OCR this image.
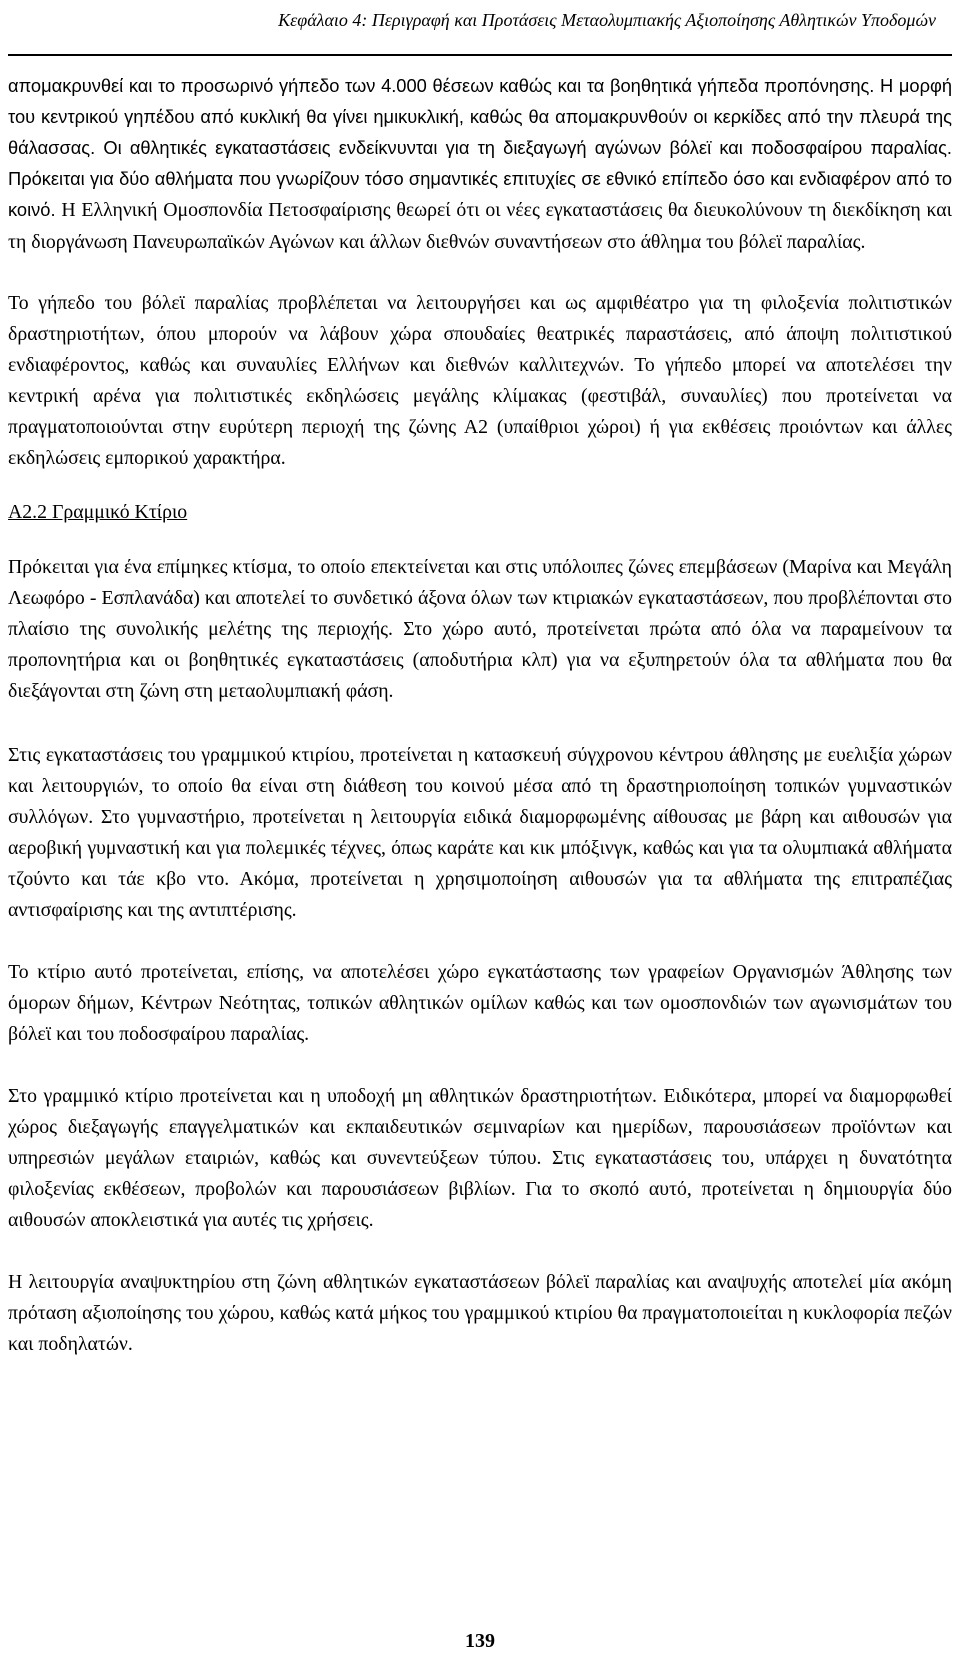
Κεφάλαιο 4: Περιγραφή και Προτάσεις Μεταολυμπιακής Αξιοποίησης Αθλητικών Υποδομών

απομακρυνθεί και το προσωρινό γήπεδο των 4.000 θέσεων καθώς και τα βοηθητικά γήπεδα προπόνησης. Η μορφή του κεντρικού γηπέδου από κυκλική θα γίνει ημικυκλική, καθώς θα απομακρυνθούν οι κερκίδες από την πλευρά της θάλασσας. Οι αθλητικές εγκαταστάσεις ενδείκνυνται για τη διεξαγωγή αγώνων βόλεϊ και ποδοσφαίρου παραλίας. Πρόκειται για δύο αθλήματα που γνωρίζουν τόσο σημαντικές επιτυχίες σε εθνικό επίπεδο όσο και ενδιαφέρον από το κοινό. Η Ελληνική Ομοσπονδία Πετοσφαίρισης θεωρεί ότι οι νέες εγκαταστάσεις θα διευκολύνουν τη διεκδίκηση και τη διοργάνωση Πανευρωπαϊκών Αγώνων και άλλων διεθνών συναντήσεων στο άθλημα του βόλεϊ παραλίας.

Το γήπεδο του βόλεϊ παραλίας προβλέπεται να λειτουργήσει και ως αμφιθέατρο για τη φιλοξενία πολιτιστικών δραστηριοτήτων, όπου μπορούν να λάβουν χώρα σπουδαίες θεατρικές παραστάσεις, από άποψη πολιτιστικού ενδιαφέροντος, καθώς και συναυλίες Ελλήνων και διεθνών καλλιτεχνών. Το γήπεδο μπορεί να αποτελέσει την κεντρική αρένα για πολιτιστικές εκδηλώσεις μεγάλης κλίμακας (φεστιβάλ, συναυλίες) που προτείνεται να πραγματοποιούνται στην ευρύτερη περιοχή της ζώνης Α2 (υπαίθριοι χώροι) ή για εκθέσεις προιόντων και άλλες εκδηλώσεις εμπορικού χαρακτήρα.

Α2.2 Γραμμικό Κτίριο

Πρόκειται για ένα επίμηκες κτίσμα, το οποίο επεκτείνεται και στις υπόλοιπες ζώνες επεμβάσεων (Μαρίνα και Μεγάλη Λεωφόρο - Εσπλανάδα) και αποτελεί το συνδετικό άξονα όλων των κτιριακών εγκαταστάσεων, που προβλέπονται στο πλαίσιο της συνολικής μελέτης της περιοχής. Στο χώρο αυτό, προτείνεται πρώτα από όλα να παραμείνουν τα προπονητήρια και οι βοηθητικές εγκαταστάσεις (αποδυτήρια κλπ) για να εξυπηρετούν όλα τα αθλήματα που θα διεξάγονται στη ζώνη στη μεταολυμπιακή φάση.

Στις εγκαταστάσεις του γραμμικού κτιρίου, προτείνεται η κατασκευή σύγχρονου κέντρου άθλησης με ευελιξία χώρων και λειτουργιών, το οποίο θα είναι στη διάθεση του κοινού μέσα από τη δραστηριοποίηση τοπικών γυμναστικών συλλόγων. Στο γυμναστήριο, προτείνεται η λειτουργία ειδικά διαμορφωμένης αίθουσας με βάρη και αιθουσών για αεροβική γυμναστική και για πολεμικές τέχνες, όπως καράτε και κικ μπόξινγκ, καθώς και για τα ολυμπιακά αθλήματα τζούντο και τάε κβο ντο. Ακόμα, προτείνεται η χρησιμοποίηση αιθουσών για τα αθλήματα της επιτραπέζιας αντισφαίρισης και της αντιπτέρισης.

Το κτίριο αυτό προτείνεται, επίσης, να αποτελέσει χώρο εγκατάστασης των γραφείων Οργανισμών Άθλησης των όμορων δήμων, Κέντρων Νεότητας, τοπικών αθλητικών ομίλων καθώς και των ομοσπονδιών των αγωνισμάτων του βόλεϊ και του ποδοσφαίρου παραλίας.

Στο γραμμικό κτίριο προτείνεται και η υποδοχή μη αθλητικών δραστηριοτήτων. Ειδικότερα, μπορεί να διαμορφωθεί χώρος διεξαγωγής επαγγελματικών και εκπαιδευτικών σεμιναρίων και ημερίδων, παρουσιάσεων προϊόντων και υπηρεσιών μεγάλων εταιριών, καθώς και συνεντεύξεων τύπου. Στις εγκαταστάσεις του, υπάρχει η δυνατότητα φιλοξενίας εκθέσεων, προβολών και παρουσιάσεων βιβλίων. Για το σκοπό αυτό, προτείνεται η δημιουργία δύο αιθουσών αποκλειστικά για αυτές τις χρήσεις.

Η λειτουργία αναψυκτηρίου στη ζώνη αθλητικών εγκαταστάσεων βόλεϊ παραλίας και αναψυχής αποτελεί μία ακόμη πρόταση αξιοποίησης του χώρου, καθώς κατά μήκος του γραμμικού κτιρίου θα πραγματοποιείται η κυκλοφορία πεζών και ποδηλατών.

139
